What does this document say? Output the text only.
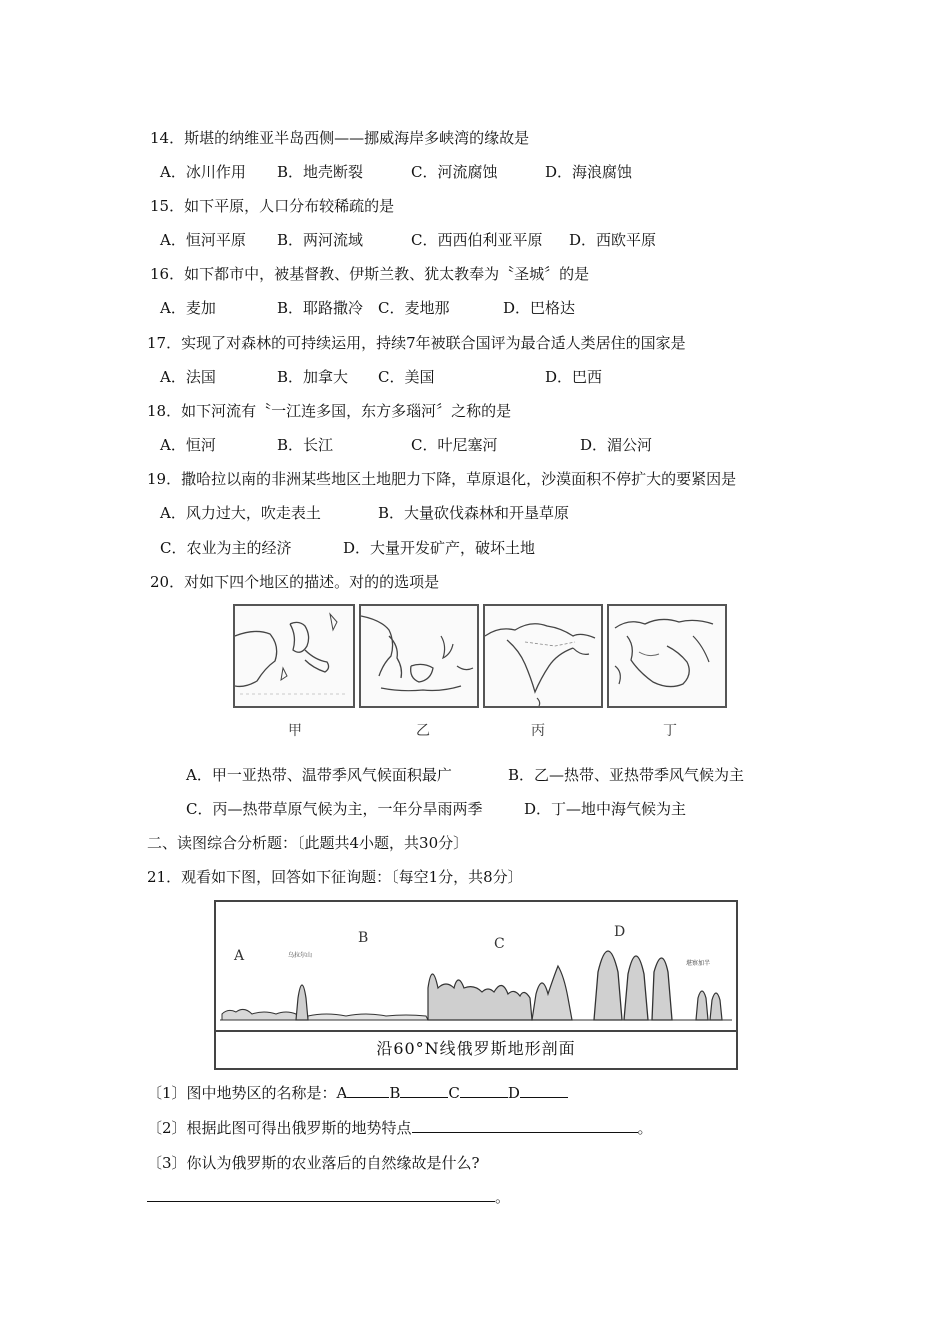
14．斯堪的纳维亚半岛西侧——挪威海岸多峡湾的缘故是
A．冰川作用 B．地壳断裂	C．河流腐蚀	D．海浪腐蚀
15．如下平原，人口分布较稀疏的是
A．恒河平原 B．两河流域	C．西西伯利亚平原 D．西欧平原
16．如下都市中，被基督教、伊斯兰教、犹太教奉为〝圣城〞的是
A．麦加	B．耶路撒冷 C．麦地那	D．巴格达
17．实现了对森林的可持续运用，持续7年被联合国评为最合适人类居住的国家是
A．法国	B．加拿大 C．美国	D．巴西
18．如下河流有〝一江连多国，东方多瑙河〞之称的是
A．恒河	B．长江	C．叶尼塞河	D．湄公河
19．撒哈拉以南的非洲某些地区土地肥力下降，草原退化，沙漠面积不停扩大的要紧因是
A．风力过大，吹走表土	B．大量砍伐森林和开垦草原
C．农业为主的经济	D．大量开发矿产，破坏土地
20．对如下四个地区的描述。对的的选项是
甲	乙	丙	丁
A．甲一亚热带、温带季风气候面积最广	B．乙—热带、亚热带季风气候为主
C．丙—热带草原气候为主，一年分旱雨两季	D．丁—地中海气候为主
二、读图综合分析题：〔此题共4小题，共30分〕
21．观看如下图，回答如下征询题：〔每空1分，共8分〕
A
B	C
D
乌拉尔山
堪察加半
沿60°N线俄罗斯地形剖面
〔1〕图中地势区的名称是：A	B	C	D
〔2〕根据此图可得出俄罗斯的地势特点	。
〔3〕你认为俄罗斯的农业落后的自然缘故是什么?
。
